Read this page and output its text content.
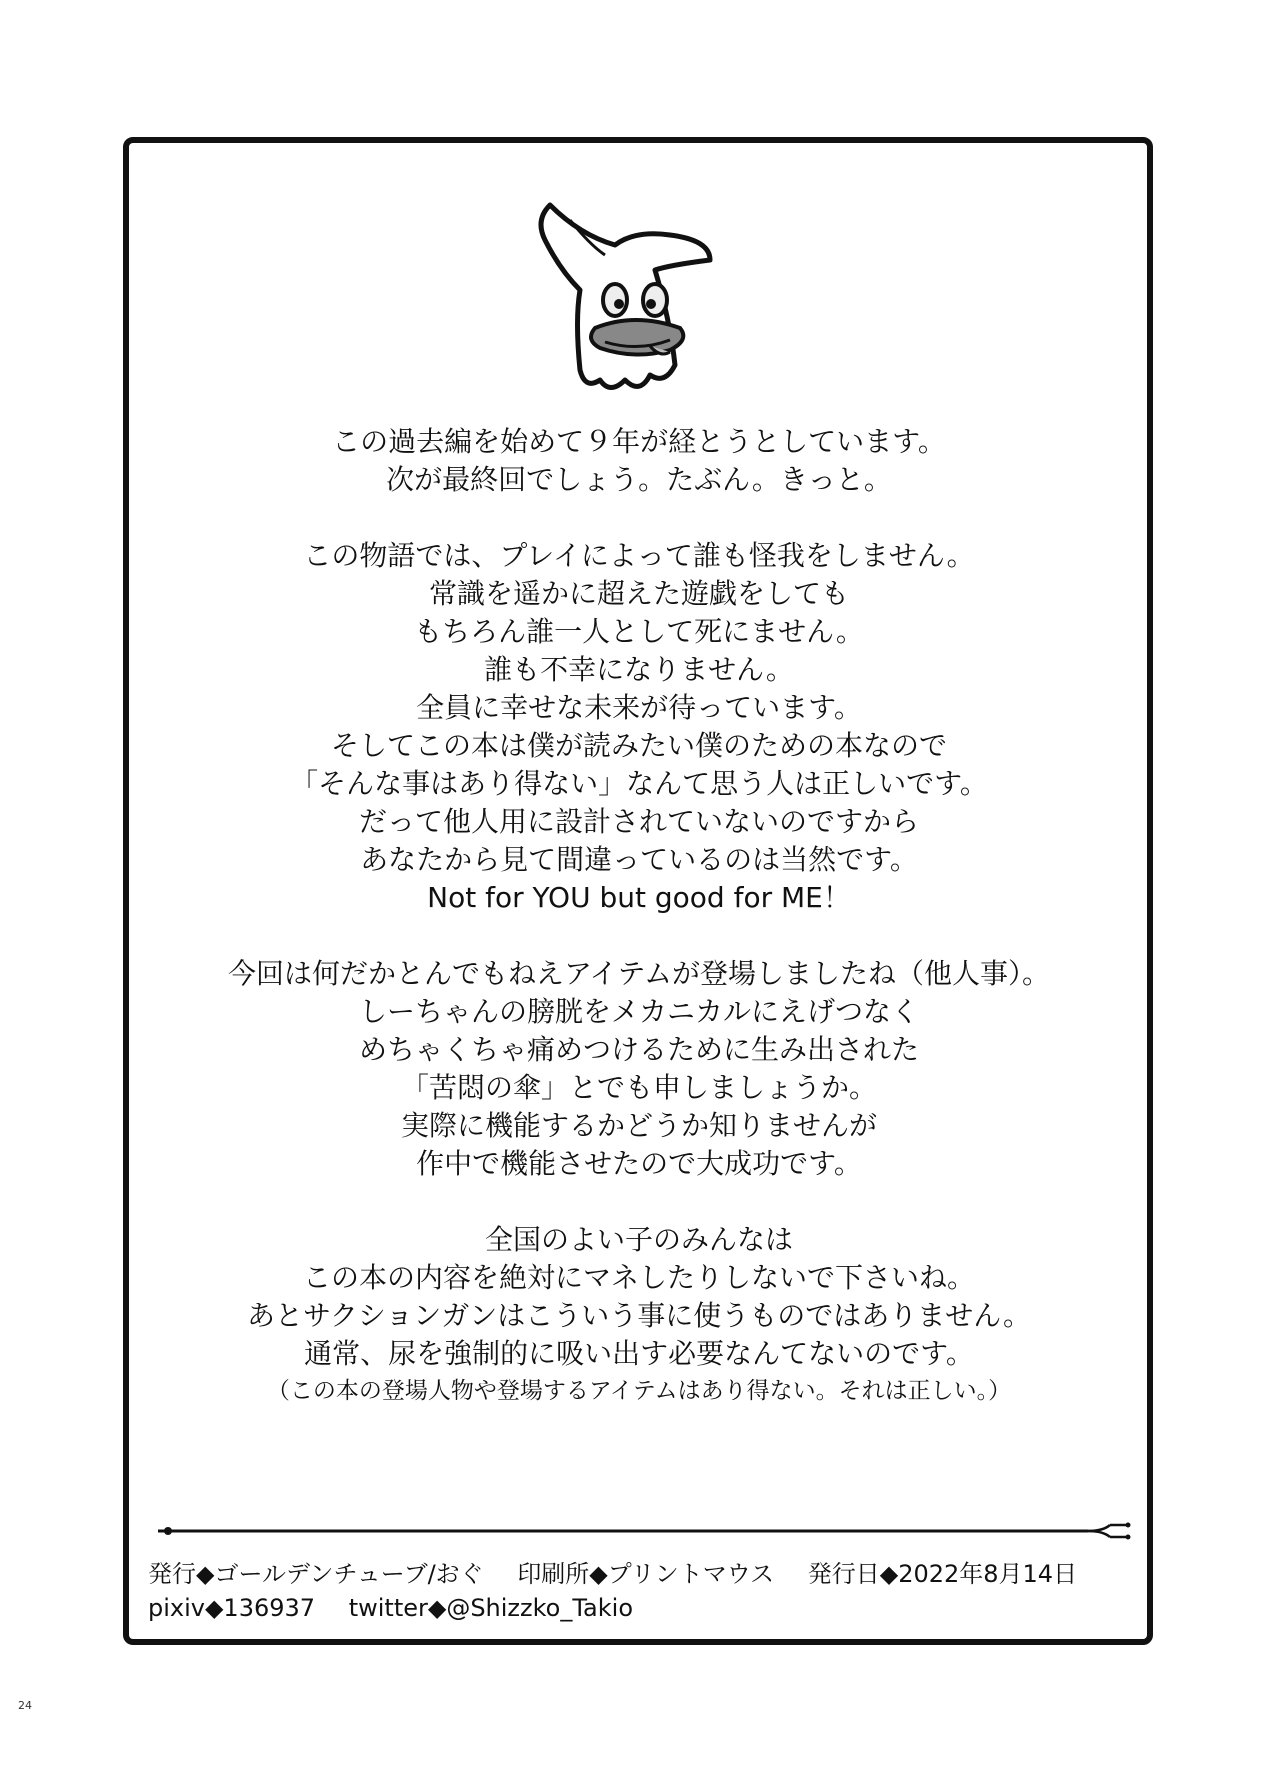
この過去編を始めて９年が経とうとしています。
次が最終回でしょう。たぶん。きっと。

この物語では、プレイによって誰も怪我をしません。
常識を遥かに超えた遊戯をしても
もちろん誰一人として死にません。
誰も不幸になりません。
全員に幸せな未来が待っています。
そしてこの本は僕が読みたい僕のための本なので
「そんな事はあり得ない」なんて思う人は正しいです。
だって他人用に設計されていないのですから
あなたから見て間違っているのは当然です。
Not for YOU but good for ME！

今回は何だかとんでもねえアイテムが登場しましたね（他人事）。
しーちゃんの膀胱をメカニカルにえげつなく
めちゃくちゃ痛めつけるために生み出された
「苦悶の傘」とでも申しましょうか。
実際に機能するかどうか知りませんが
作中で機能させたので大成功です。

全国のよい子のみんなは
この本の内容を絶対にマネしたりしないで下さいね。
あとサクションガンはこういう事に使うものではありません。
通常、尿を強制的に吸い出す必要なんてないのです。

（この本の登場人物や登場するアイテムはあり得ない。それは正しい。）
発行◆ゴールデンチューブ/おぐ 印刷所◆プリントマウス 発行日◆2022年8月14日
pixiv◆136937 twitter◆@Shizzko_Takio
24
